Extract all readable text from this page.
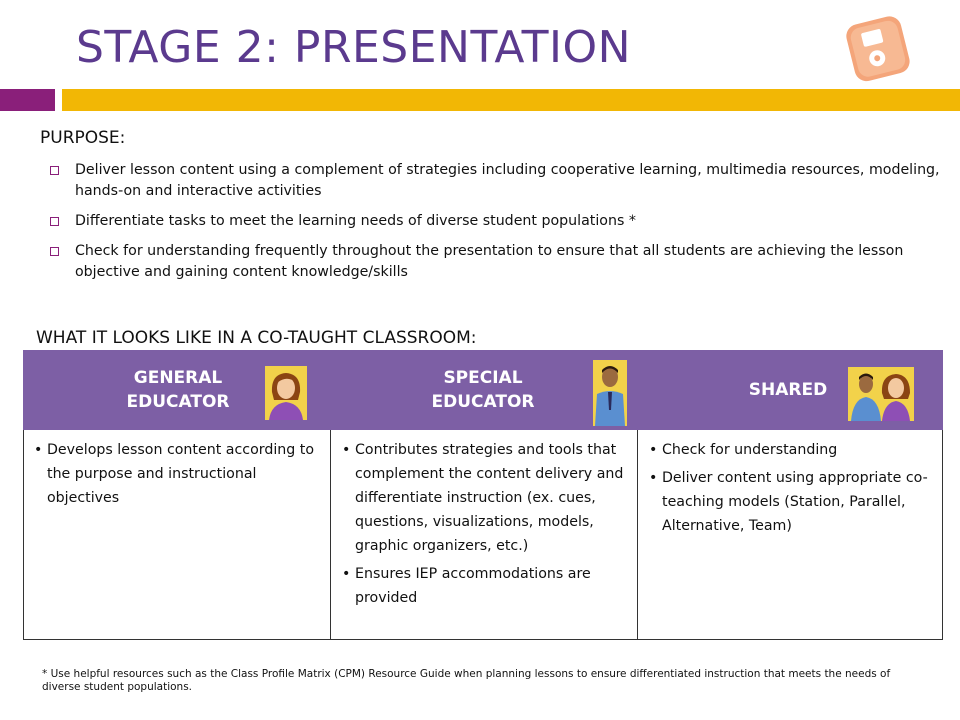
STAGE 2: PRESENTATION
PURPOSE:
Deliver lesson content using a complement of strategies including cooperative learning, multimedia resources, modeling, hands-on and interactive activities
Differentiate tasks to meet the learning needs of diverse student populations *
Check for understanding frequently throughout the presentation to ensure that all students are achieving the lesson objective and gaining content knowledge/skills
WHAT IT LOOKS LIKE IN A CO-TAUGHT CLASSROOM:
GENERAL
EDUCATOR
SPECIAL
EDUCATOR
SHARED
• Develops lesson content according to the purpose and instructional objectives
• Contributes strategies and tools that complement the content delivery and differentiate instruction (ex. cues, questions, visualizations, models, graphic organizers, etc.)
• Ensures IEP accommodations are provided
• Check for understanding
• Deliver content using appropriate co-teaching models (Station, Parallel, Alternative, Team)
* Use helpful resources such as the Class Profile Matrix (CPM) Resource Guide when planning lessons to ensure differentiated instruction that meets the needs of diverse student populations.
